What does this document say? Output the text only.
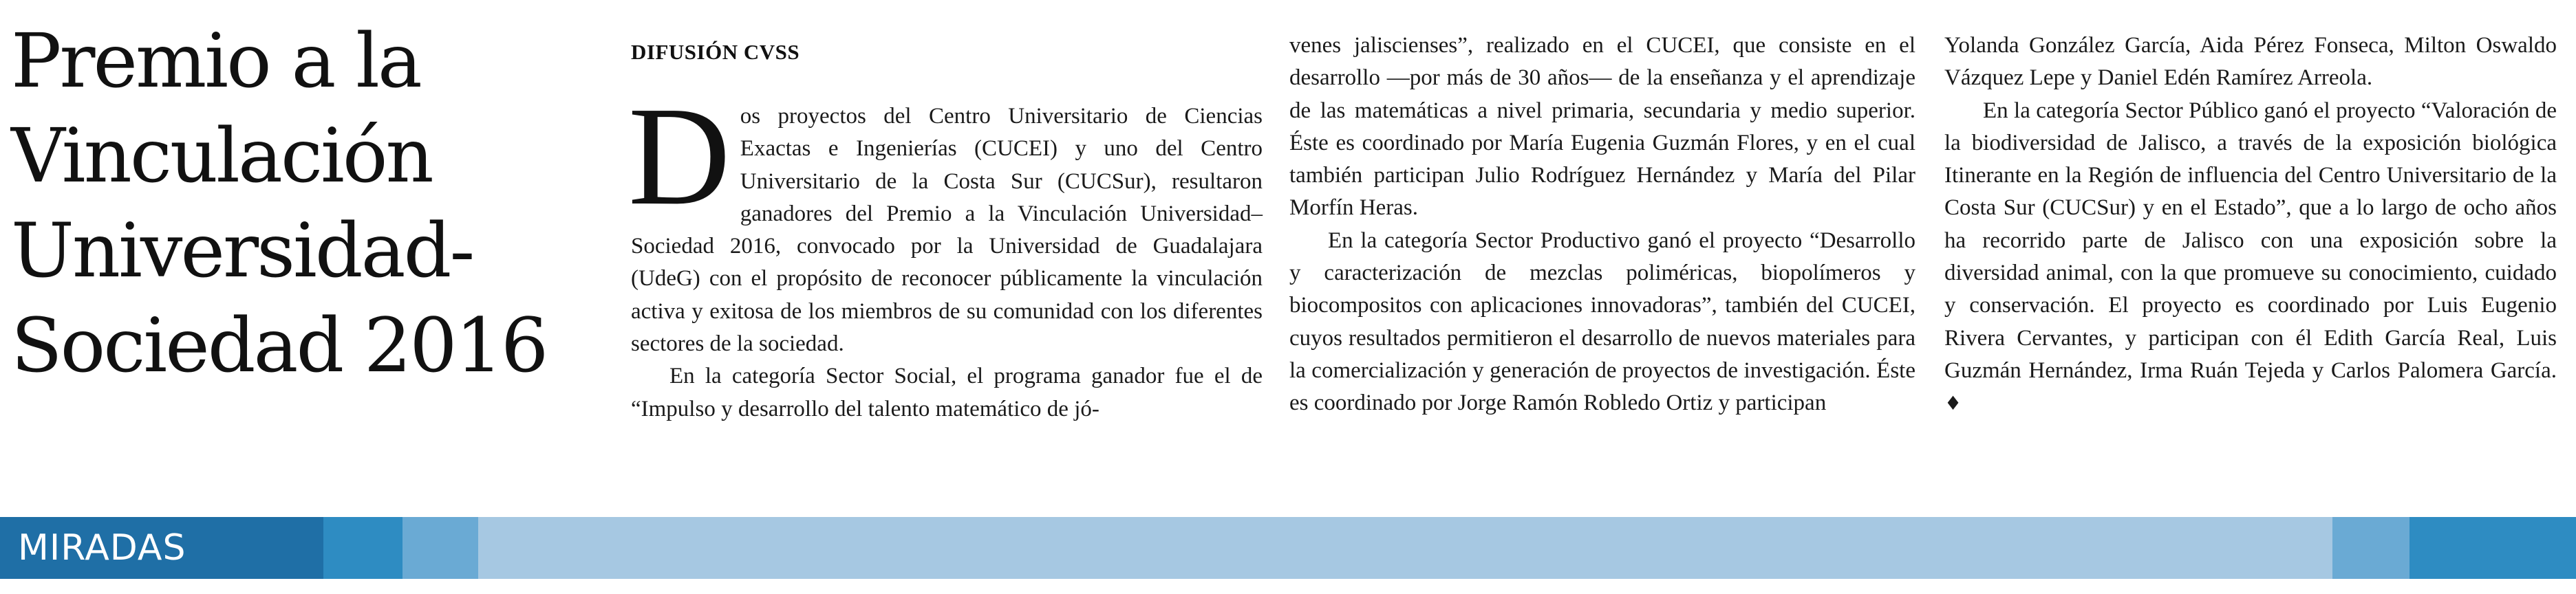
Premio a la
Vinculación
Universidad-
Sociedad 2016
DIFUSIÓN CVSS

Dos proyectos del Centro Universitario de Ciencias Exactas e Ingenierías (CUCEI) y uno del Centro Universitario de la Costa Sur (CUCSur), resultaron ganadores del Premio a la Vinculación Universidad–Sociedad 2016, convocado por la Universidad de Guadalajara (UdeG) con el propósito de reconocer públicamente la vinculación activa y exitosa de los miembros de su comunidad con los diferentes sectores de la sociedad.

En la categoría Sector Social, el programa ganador fue el de “Impulso y desarrollo del talento matemático de jó-

venes jaliscienses”, realizado en el CUCEI, que consiste en el desarrollo —por más de 30 años— de la enseñanza y el aprendizaje de las matemáticas a nivel primaria, secundaria y medio superior. Éste es coordinado por María Eugenia Guzmán Flores, y en el cual también participan Julio Rodríguez Hernández y María del Pilar Morfín Heras.

En la categoría Sector Productivo ganó el proyecto “Desarrollo y caracterización de mezclas poliméricas, biopolímeros y biocompositos con aplicaciones innovadoras”, también del CUCEI, cuyos resultados permitieron el desarrollo de nuevos materiales para la comercialización y generación de proyectos de investigación. Éste es coordinado por Jorge Ramón Robledo Ortiz y participan

Yolanda González García, Aida Pérez Fonseca, Milton Oswaldo Vázquez Lepe y Daniel Edén Ramírez Arreola.

En la categoría Sector Público ganó el proyecto “Valoración de la biodiversidad de Jalisco, a través de la exposición biológica Itinerante en la Región de influencia del Centro Universitario de la Costa Sur (CUCSur) y en el Estado”, que a lo largo de ocho años ha recorrido parte de Jalisco con una exposición sobre la diversidad animal, con la que promueve su conocimiento, cuidado y conservación. El proyecto es coordinado por Luis Eugenio Rivera Cervantes, y participan con él Edith García Real, Luis Guzmán Hernández, Irma Ruán Tejeda y Carlos Palomera García. ♦

MIRADAS
